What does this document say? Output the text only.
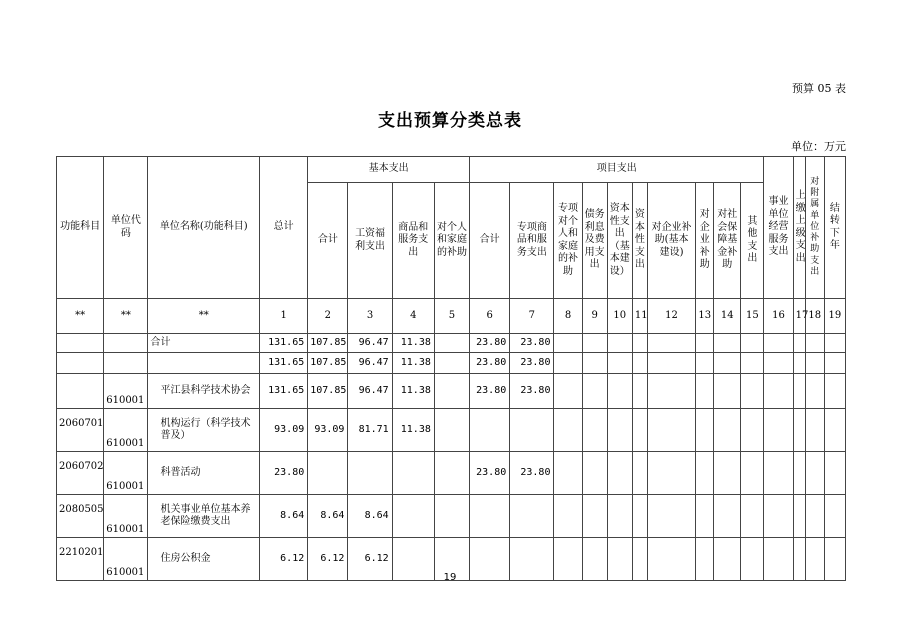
预算 05 表
支出预算分类总表
单位：万元
功能科目	单位代码	单位名称(功能科目)	总计	基本支出				项目支出										事业单位经营服务支出	上缴上级支出	对附属单位补助支出	结转下年
				合计	工资福利支出	商品和服务支出	对个人和家庭的补助	合计	专项商品和服务支出	专项对个人和家庭的补助	债务利息及费用支出	资本性支出（基本建设）	资本性支出	对企业补助(基本建设)	对企业补助	对社会保障基金补助	其他支出				
**	**	**	1	2	3	4	5	6	7	8	9	10	11	12	13	14	15	16	17	18	19
		合计	131.65	107.85	96.47	11.38		23.80	23.80												
			131.65	107.85	96.47	11.38		23.80	23.80												
	610001	平江县科学技术协会	131.65	107.85	96.47	11.38		23.80	23.80												
2060701	610001	机构运行（科学技术普及）	93.09	93.09	81.71	11.38															
2060702	610001	科普活动	23.80					23.80	23.80												
2080505	610001	机关事业单位基本养老保险缴费支出	8.64	8.64	8.64																
2210201	610001	住房公积金	6.12	6.12	6.12																
19
